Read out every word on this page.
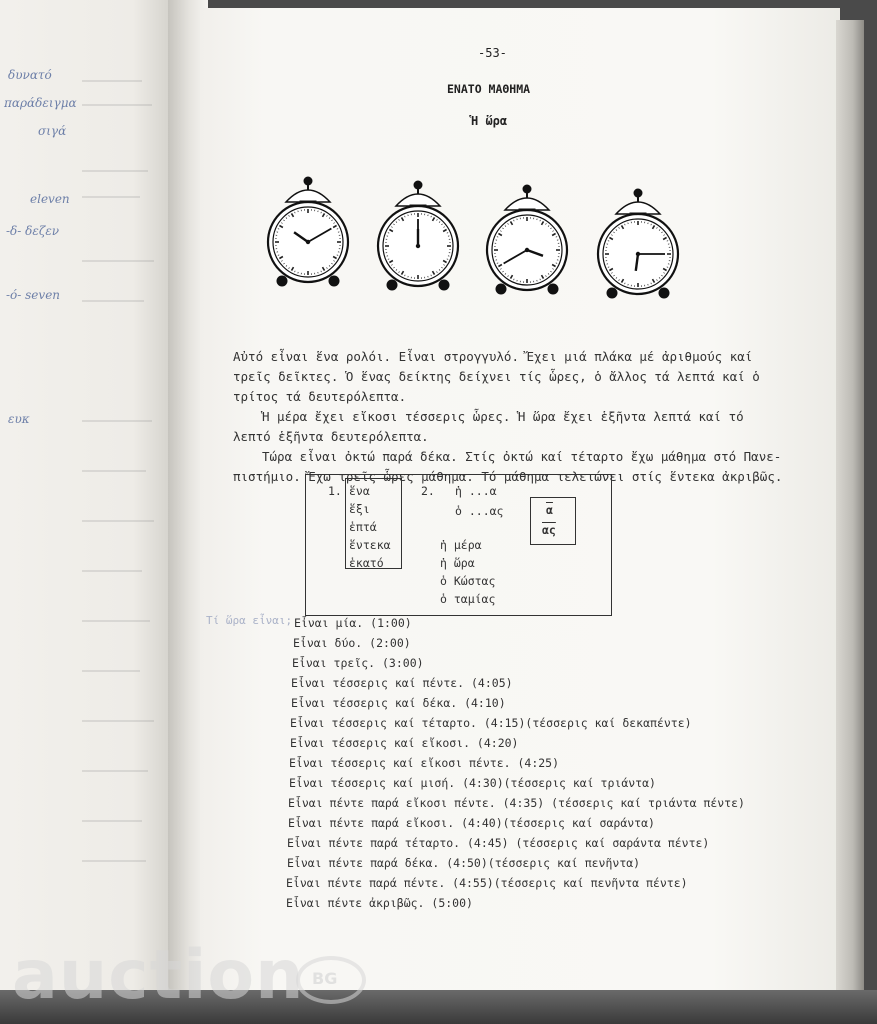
δυνατό
παράδειγμα
σιγά
eleven
-δ- δεζεν
-ό- seven
ευκ
-53-
ΕΝΑΤΟ ΜΑΘΗΜΑ
Ἡ ὥρα
Αὐτό εἶναι ἕνα ρολόι. Εἶναι στρογγυλό. Ἔχει μιά πλάκα μέ ἀριθμούς καί
τρεῖς δεῖκτες. Ὁ ἕνας δείκτης δείχνει τίς ὧρες, ὁ ἄλλος τά λεπτά καί ὁ
τρίτος τά δευτερόλεπτα.
Ἡ μέρα ἔχει εἴκοσι τέσσερις ὧρες. Ἡ ὥρα ἔχει ἑξῆντα λεπτά καί τό
λεπτό ἑξῆντα δευτερόλεπτα.
Τώρα εἶναι ὀκτώ παρά δέκα. Στίς ὀκτώ καί τέταρτο ἔχω μάθημα στό Πανε-
πιστήμιο. Ἔχω τρεῖς ὧρες μάθημα. Τό μάθημα τελειώνει στίς ἕντεκα ἀκριβῶς.
1. ἕνα
ἕξι
ἑπτά
ἕντεκα
ἑκατό
2. ἡ ...α
ὁ ...ας	$\overline{\alpha}$
$\overline{\alpha\varsigma}$
ἡ μέρα
ἡ ὥρα
ὁ Κώστας
ὁ ταμίας
Τί ὥρα εἶναι; Εἶναι μία. (1:00)
Εἶναι δύο. (2:00)
Εἶναι τρεῖς. (3:00)
Εἶναι τέσσερις καί πέντε. (4:05)
Εἶναι τέσσερις καί δέκα. (4:10)
Εἶναι τέσσερις καί τέταρτο. (4:15)(τέσσερις καί δεκαπέντε)
Εἶναι τέσσερις καί εἴκοσι. (4:20)
Εἶναι τέσσερις καί εἴκοσι πέντε. (4:25)
Εἶναι τέσσερις καί μισή. (4:30)(τέσσερις καί τριάντα)
Εἶναι πέντε παρά εἴκοσι πέντε. (4:35) (τέσσερις καί τριάντα πέντε)
Εἶναι πέντε παρά εἴκοσι. (4:40)(τέσσερις καί σαράντα)
Εἶναι πέντε παρά τέταρτο. (4:45) (τέσσερις καί σαράντα πέντε)
Εἶναι πέντε παρά δέκα. (4:50)(τέσσερις καί πενῆντα)
Εἶναι πέντε παρά πέντε. (4:55)(τέσσερις καί πενῆντα πέντε)
Εἶναι πέντε ἀκριβῶς. (5:00)
auction BG
